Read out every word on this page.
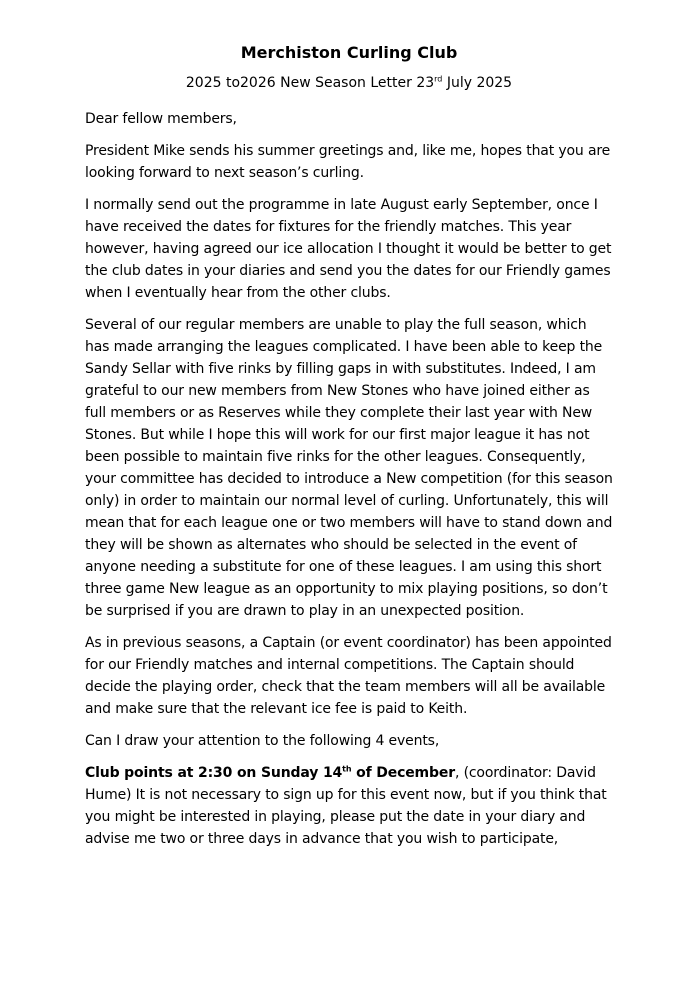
Merchiston Curling Club

2025 to2026 New Season Letter 23rd July 2025

Dear fellow members,

President Mike sends his summer greetings and, like me, hopes that you are looking forward to next season’s curling.

I normally send out the programme in late August early September, once I have received the dates for fixtures for the friendly matches. This year however, having agreed our ice allocation I thought it would be better to get the club dates in your diaries and send you the dates for our Friendly games when I eventually hear from the other clubs.

Several of our regular members are unable to play the full season, which has made arranging the leagues complicated. I have been able to keep the Sandy Sellar with five rinks by filling gaps in with substitutes. Indeed, I am grateful to our new members from New Stones who have joined either as full members or as Reserves while they complete their last year with New Stones. But while I hope this will work for our first major league it has not been possible to maintain five rinks for the other leagues. Consequently, your committee has decided to introduce a New competition (for this season only) in order to maintain our normal level of curling. Unfortunately, this will mean that for each league one or two members will have to stand down and they will be shown as alternates who should be selected in the event of anyone needing a substitute for one of these leagues. I am using this short three game New league as an opportunity to mix playing positions, so don’t be surprised if you are drawn to play in an unexpected position.

As in previous seasons, a Captain (or event coordinator) has been appointed for our Friendly matches and internal competitions. The Captain should decide the playing order, check that the team members will all be available and make sure that the relevant ice fee is paid to Keith.

Can I draw your attention to the following 4 events,

Club points at 2:30 on Sunday 14th of December, (coordinator: David Hume) It is not necessary to sign up for this event now, but if you think that you might be interested in playing, please put the date in your diary and advise me two or three days in advance that you wish to participate,
